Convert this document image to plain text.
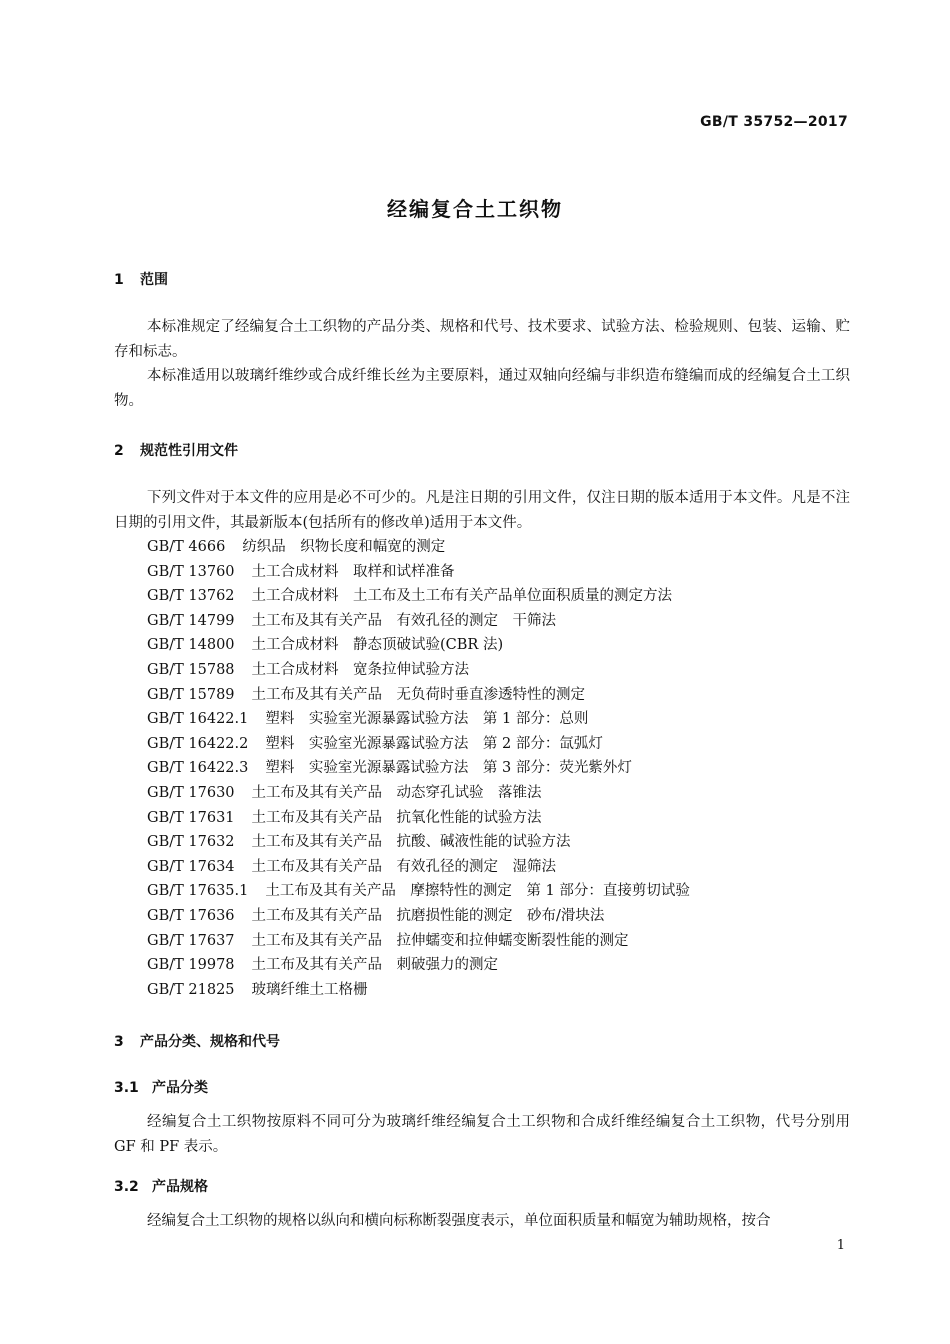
GB/T 35752—2017
经编复合土工织物
1 范围
本标准规定了经编复合土工织物的产品分类、规格和代号、技术要求、试验方法、检验规则、包装、运输、贮存和标志。
本标准适用以玻璃纤维纱或合成纤维长丝为主要原料，通过双轴向经编与非织造布缝编而成的经编复合土工织物。
2 规范性引用文件
下列文件对于本文件的应用是必不可少的。凡是注日期的引用文件，仅注日期的版本适用于本文件。凡是不注日期的引用文件，其最新版本(包括所有的修改单)适用于本文件。
GB/T 4666 纺织品　织物长度和幅宽的测定
GB/T 13760 土工合成材料　取样和试样准备
GB/T 13762 土工合成材料　土工布及土工布有关产品单位面积质量的测定方法
GB/T 14799 土工布及其有关产品　有效孔径的测定　干筛法
GB/T 14800 土工合成材料　静态顶破试验(CBR 法)
GB/T 15788 土工合成材料　宽条拉伸试验方法
GB/T 15789 土工布及其有关产品　无负荷时垂直渗透特性的测定
GB/T 16422.1 塑料　实验室光源暴露试验方法　第 1 部分：总则
GB/T 16422.2 塑料　实验室光源暴露试验方法　第 2 部分：氙弧灯
GB/T 16422.3 塑料　实验室光源暴露试验方法　第 3 部分：荧光紫外灯
GB/T 17630 土工布及其有关产品　动态穿孔试验　落锥法
GB/T 17631 土工布及其有关产品　抗氧化性能的试验方法
GB/T 17632 土工布及其有关产品　抗酸、碱液性能的试验方法
GB/T 17634 土工布及其有关产品　有效孔径的测定　湿筛法
GB/T 17635.1 土工布及其有关产品　摩擦特性的测定　第 1 部分：直接剪切试验
GB/T 17636 土工布及其有关产品　抗磨损性能的测定　砂布/滑块法
GB/T 17637 土工布及其有关产品　拉伸蠕变和拉伸蠕变断裂性能的测定
GB/T 19978 土工布及其有关产品　刺破强力的测定
GB/T 21825 玻璃纤维土工格栅
3 产品分类、规格和代号
3.1 产品分类
经编复合土工织物按原料不同可分为玻璃纤维经编复合土工织物和合成纤维经编复合土工织物，代号分别用 GF 和 PF 表示。
3.2 产品规格
经编复合土工织物的规格以纵向和横向标称断裂强度表示，单位面积质量和幅宽为辅助规格，按合
1
